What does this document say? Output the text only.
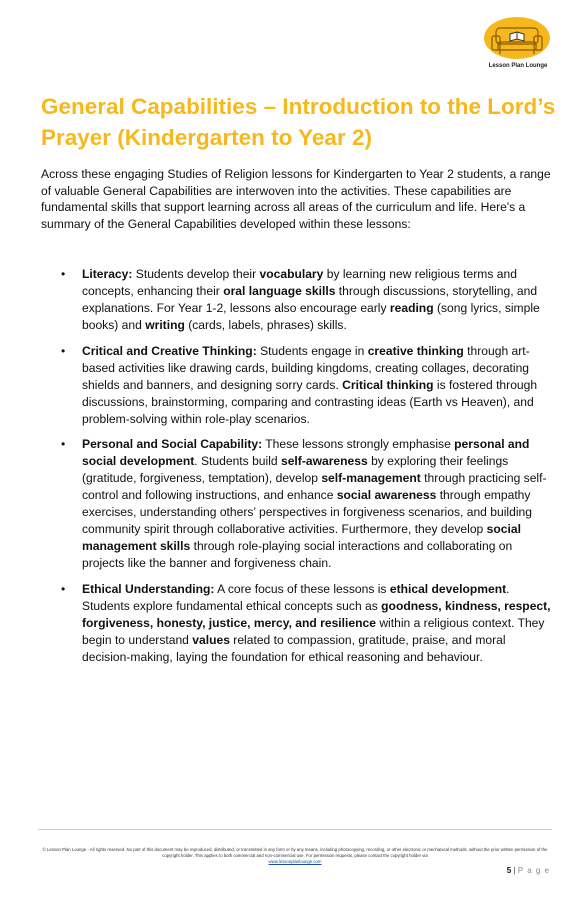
Lesson Plan Lounge
General Capabilities – Introduction to the Lord’s Prayer (Kindergarten to Year 2)

Across these engaging Studies of Religion lessons for Kindergarten to Year 2 students, a range of valuable General Capabilities are interwoven into the activities. These capabilities are fundamental skills that support learning across all areas of the curriculum and life. Here's a summary of the General Capabilities developed within these lessons:

• Literacy: Students develop their vocabulary by learning new religious terms and concepts, enhancing their oral language skills through discussions, storytelling, and explanations. For Year 1-2, lessons also encourage early reading (song lyrics, simple books) and writing (cards, labels, phrases) skills.
• Critical and Creative Thinking: Students engage in creative thinking through art-based activities like drawing cards, building kingdoms, creating collages, decorating shields and banners, and designing sorry cards. Critical thinking is fostered through discussions, brainstorming, comparing and contrasting ideas (Earth vs Heaven), and problem-solving within role-play scenarios.
• Personal and Social Capability: These lessons strongly emphasise personal and social development. Students build self-awareness by exploring their feelings (gratitude, forgiveness, temptation), develop self-management through practicing self-control and following instructions, and enhance social awareness through empathy exercises, understanding others’ perspectives in forgiveness scenarios, and building community spirit through collaborative activities. Furthermore, they develop social management skills through role-playing social interactions and collaborating on projects like the banner and forgiveness chain.
• Ethical Understanding: A core focus of these lessons is ethical development. Students explore fundamental ethical concepts such as goodness, kindness, respect, forgiveness, honesty, justice, mercy, and resilience within a religious context. They begin to understand values related to compassion, gratitude, praise, and moral decision-making, laying the foundation for ethical reasoning and behaviour.
© Lesson Plan Lounge - All rights reserved. No part of this document may be reproduced, distributed, or transmitted in any form or by any means, including photocopying, recording, or other electronic or mechanical methods, without the prior written permission of the copyright holder. This applies to both commercial and non-commercial use. For permission requests, please contact the copyright holder via
www.lessonplanlounge.com
5 | P a g e
